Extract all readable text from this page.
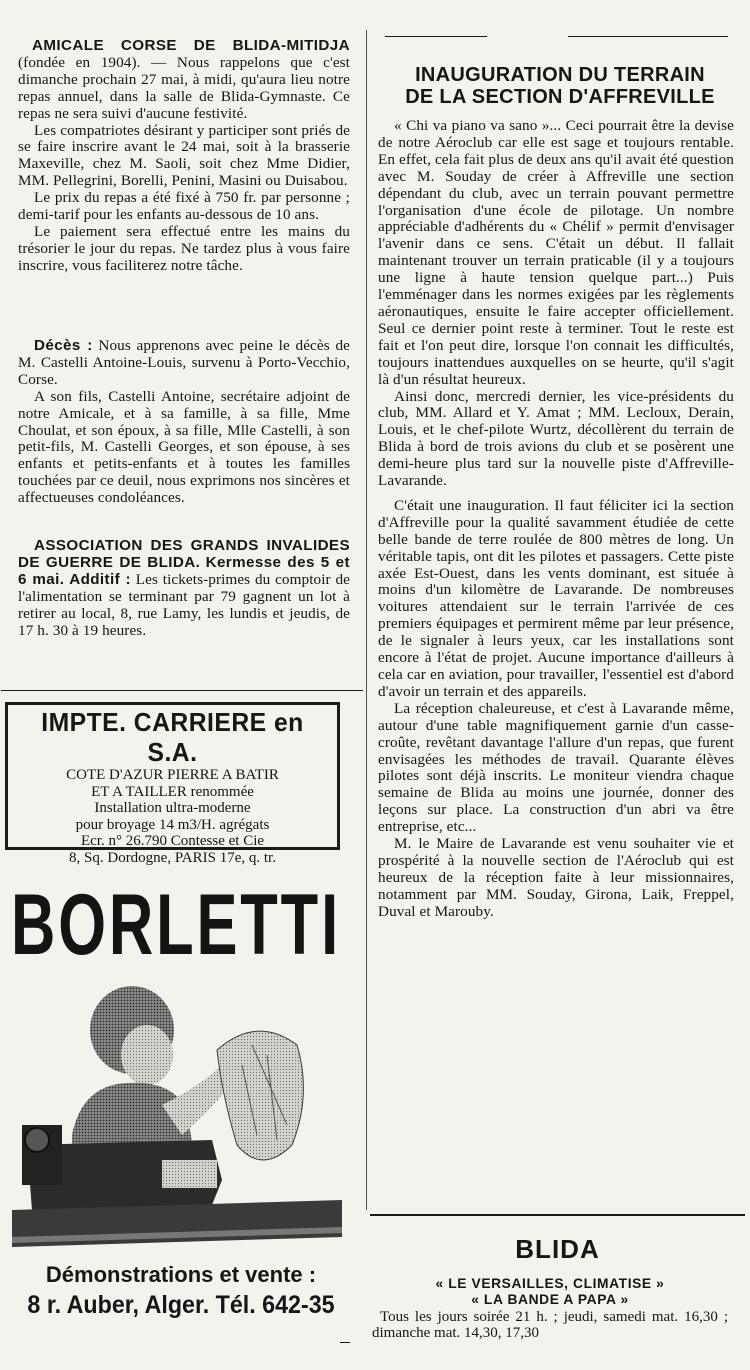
AMICALE CORSE DE BLIDA-MITIDJA (fondée en 1904). — Nous rappelons que c'est dimanche prochain 27 mai, à midi, qu'aura lieu notre repas annuel, dans la salle de Blida-Gymnaste. Ce repas ne sera suivi d'aucune festivité.

Les compatriotes désirant y participer sont priés de se faire inscrire avant le 24 mai, soit à la brasserie Maxeville, chez M. Saoli, soit chez Mme Didier, MM. Pellegrini, Borelli, Penini, Masini ou Duisabou.

Le prix du repas a été fixé à 750 fr. par personne ; demi-tarif pour les enfants au-dessous de 10 ans.

Le paiement sera effectué entre les mains du trésorier le jour du repas. Ne tardez plus à vous faire inscrire, vous faciliterez notre tâche.

Décès : Nous apprenons avec peine le décès de M. Castelli Antoine-Louis, survenu à Porto-Vecchio, Corse.

A son fils, Castelli Antoine, secrétaire adjoint de notre Amicale, et à sa famille, à sa fille, Mme Choulat, et son époux, à sa fille, Mlle Castelli, à son petit-fils, M. Castelli Georges, et son épouse, à ses enfants et petits-enfants et à toutes les familles touchées par ce deuil, nous exprimons nos sincères et affectueuses condoléances.

ASSOCIATION DES GRANDS INVALIDES DE GUERRE DE BLIDA. Kermesse des 5 et 6 mai. Additif : Les tickets-primes du comptoir de l'alimentation se terminant par 79 gagnent un lot à retirer au local, 8, rue Lamy, les lundis et jeudis, de 17 h. 30 à 19 heures.

IMPTE. CARRIERE en S.A.

COTE D'AZUR PIERRE A BATIR
ET A TAILLER renommée
Installation ultra-moderne
pour broyage 14 m3/H. agrégats
Ecr. n° 26.790 Contesse et Cie
8, Sq. Dordogne, PARIS 17e, q. tr.
BORLETTI

Démonstrations et vente :

8 r. Auber, Alger. Tél. 642-35

INAUGURATION DU TERRAIN

DE LA SECTION D'AFFREVILLE

« Chi va piano va sano »... Ceci pourrait être la devise de notre Aéroclub car elle est sage et toujours rentable. En effet, cela fait plus de deux ans qu'il avait été question avec M. Souday de créer à Affreville une section dépendant du club, avec un terrain pouvant permettre l'organisation d'une école de pilotage. Un nombre appréciable d'adhérents du « Chélif » permit d'envisager l'avenir dans ce sens. C'était un début. Il fallait maintenant trouver un terrain praticable (il y a toujours une ligne à haute tension quelque part...) Puis l'emménager dans les normes exigées par les règlements aéronautiques, ensuite le faire accepter officiellement. Seul ce dernier point reste à terminer. Tout le reste est fait et l'on peut dire, lorsque l'on connait les difficultés, toujours inattendues auxquelles on se heurte, qu'il s'agit là d'un résultat heureux.

Ainsi donc, mercredi dernier, les vice-présidents du club, MM. Allard et Y. Amat ; MM. Lecloux, Derain, Louis, et le chef-pilote Wurtz, décollèrent du terrain de Blida à bord de trois avions du club et se posèrent une demi-heure plus tard sur la nouvelle piste d'Affreville-Lavarande.

C'était une inauguration. Il faut féliciter ici la section d'Affreville pour la qualité savamment étudiée de cette belle bande de terre roulée de 800 mètres de long. Un véritable tapis, ont dit les pilotes et passagers. Cette piste axée Est-Ouest, dans les vents dominant, est située à moins d'un kilomètre de Lavarande. De nombreuses voitures attendaient sur le terrain l'arrivée de ces premiers équipages et permirent même par leur présence, de le signaler à leurs yeux, car les installations sont encore à l'état de projet. Aucune importance d'ailleurs à cela car en aviation, pour travailler, l'essentiel est d'abord d'avoir un terrain et des appareils.

La réception chaleureuse, et c'est à Lavarande même, autour d'une table magnifiquement garnie d'un casse-croûte, revêtant davantage l'allure d'un repas, que furent envisagées les méthodes de travail. Quarante élèves pilotes sont déjà inscrits. Le moniteur viendra chaque semaine de Blida au moins une journée, donner des leçons sur place. La construction d'un abri va être entreprise, etc...

M. le Maire de Lavarande est venu souhaiter vie et prospérité à la nouvelle section de l'Aéroclub qui est heureux de la réception faite à leur missionnaires, notamment par MM. Souday, Girona, Laik, Freppel, Duval et Marouby.

BLIDA

« LE VERSAILLES, CLIMATISE »
« LA BANDE A PAPA »
Tous les jours soirée 21 h. ; jeudi, samedi mat. 16,30 ; dimanche mat. 14,30, 17,30
